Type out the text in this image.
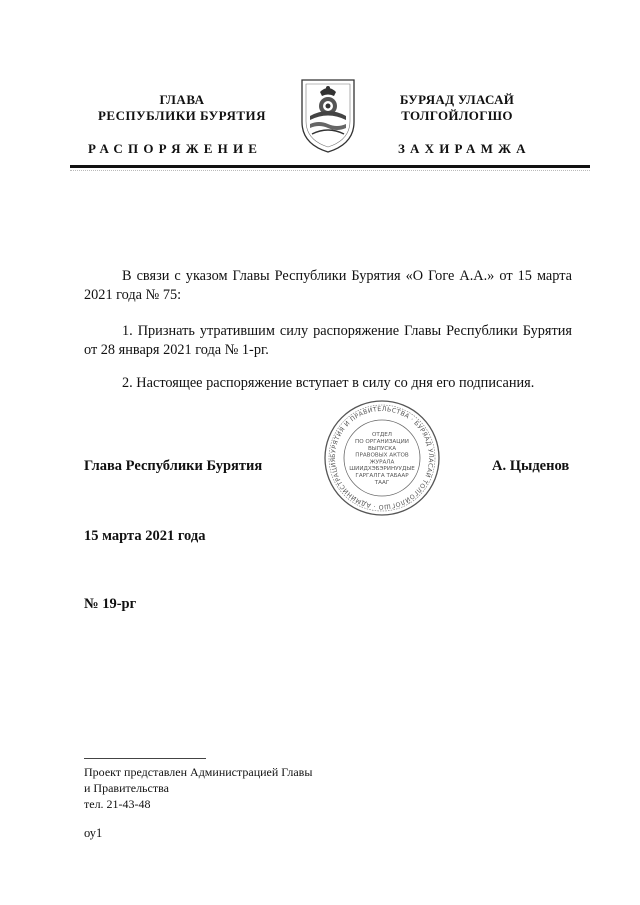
ГЛАВА
РЕСПУБЛИКИ БУРЯТИЯ
БУРЯАД УЛАСАЙ
ТОЛГОЙЛОГШО
РАСПОРЯЖЕНИЕ	ЗАХИРАМЖА
В связи с указом Главы Республики Бурятия «О Гоге А.А.» от 15 марта 2021 года № 75:
1. Признать утратившим силу распоряжение Главы Республики Бурятия от 28 января 2021 года № 1-рг.
2. Настоящее распоряжение вступает в силу со дня его подписания.
БУРЯТИЯ И ПРАВИТЕЛЬСТВА · БУРЯАД УЛАСАЙ ТОЛГОЙЛОГШО · АДМИНИСТРАЦИЯ
ОТДЕЛ
ПО ОРГАНИЗАЦИИ
ВЫПУСКА
ПРАВОВЫХ АКТОВ
ЖУРАЛА
ШИИДХЭБЭРИНУУДЫЕ
ГАРГАЛГА ТАБААР
ТААГ
Глава Республики Бурятия	А. Цыденов
15 марта 2021 года
№ 19-рг
Проект представлен Администрацией Главы
и Правительства
тел. 21-43-48
оу1
